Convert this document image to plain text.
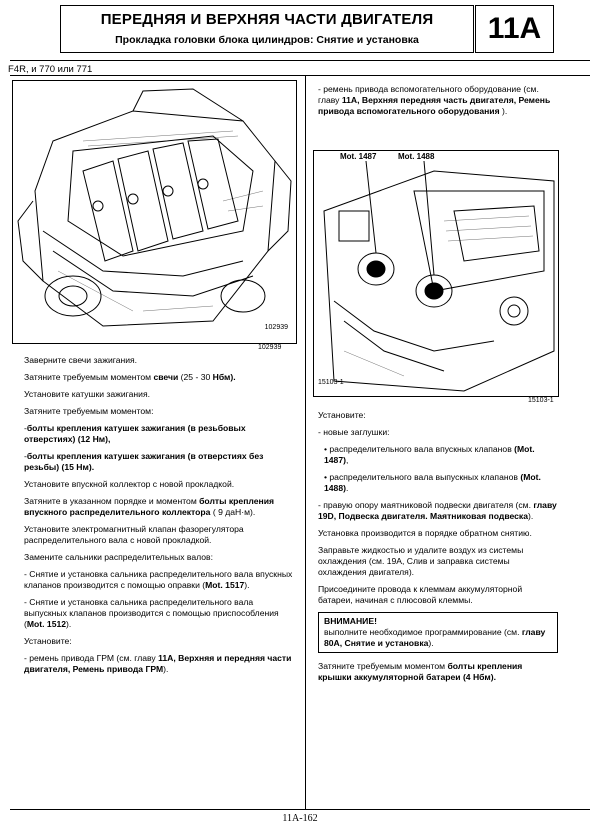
ПЕРЕДНЯЯ И ВЕРХНЯЯ ЧАСТИ ДВИГАТЕЛЯ
Прокладка головки блока цилиндров: Снятие и установка	11A
F4R, и 770 или 771
102939
102939
Mot. 1487	Mot. 1488
15103-1
15103-1

Заверните свечи зажигания.

Затяните требуемым моментом свечи (25 - 30 Нбм).

Установите катушки зажигания.

Затяните требуемым моментом:

-болты крепления катушек зажигания (в резьбовых отверстиях) (12 Нм),

-болты крепления катушек зажигания (в отверстиях без резьбы) (15 Нм).

Установите впускной коллектор с новой прокладкой.

Затяните в указанном порядке и моментом болты крепления впускного распределительного коллектора ( 9 даН·м).

Установите электромагнитный клапан фазорегулятора распределительного вала с новой прокладкой.

Замените сальники распределительных валов:

- Снятие и установка сальника распределительного вала впускных клапанов производится с помощью оправки (Mot. 1517).

- Снятие и установка сальника распределительного вала выпускных клапанов производится с помощью приспособления (Mot. 1512).

Установите:

- ремень привода ГРМ (см. главу 11A, Верхняя и передняя части двигателя, Ремень привода ГРМ).

- ремень привода вспомогательного оборудование (см. главу 11A, Верхняя передняя часть двигателя, Ремень привода вспомогательного оборудования ).

Установите:

- новые заглушки:

• распределительного вала впускных клапанов (Mot. 1487),

• распределительного вала выпускных клапанов (Mot. 1488).

- правую опору маятниковой подвески двигателя (см. главу 19D, Подвеска двигателя. Маятниковая подвеска).

Установка производится в порядке обратном снятию.

Заправьте жидкостью и удалите воздух из системы охлаждения (см. 19A, Слив и заправка системы охлаждения двигателя).

Присоедините провода к клеммам аккумуляторной батареи, начиная с плюсовой клеммы.

ВНИМАНИЕ!
выполните необходимое программирование (см. главу 80A, Снятие и установка).

Затяните требуемым моментом болты крепления крышки аккумуляторной батареи (4 Нбм).

11A-162
